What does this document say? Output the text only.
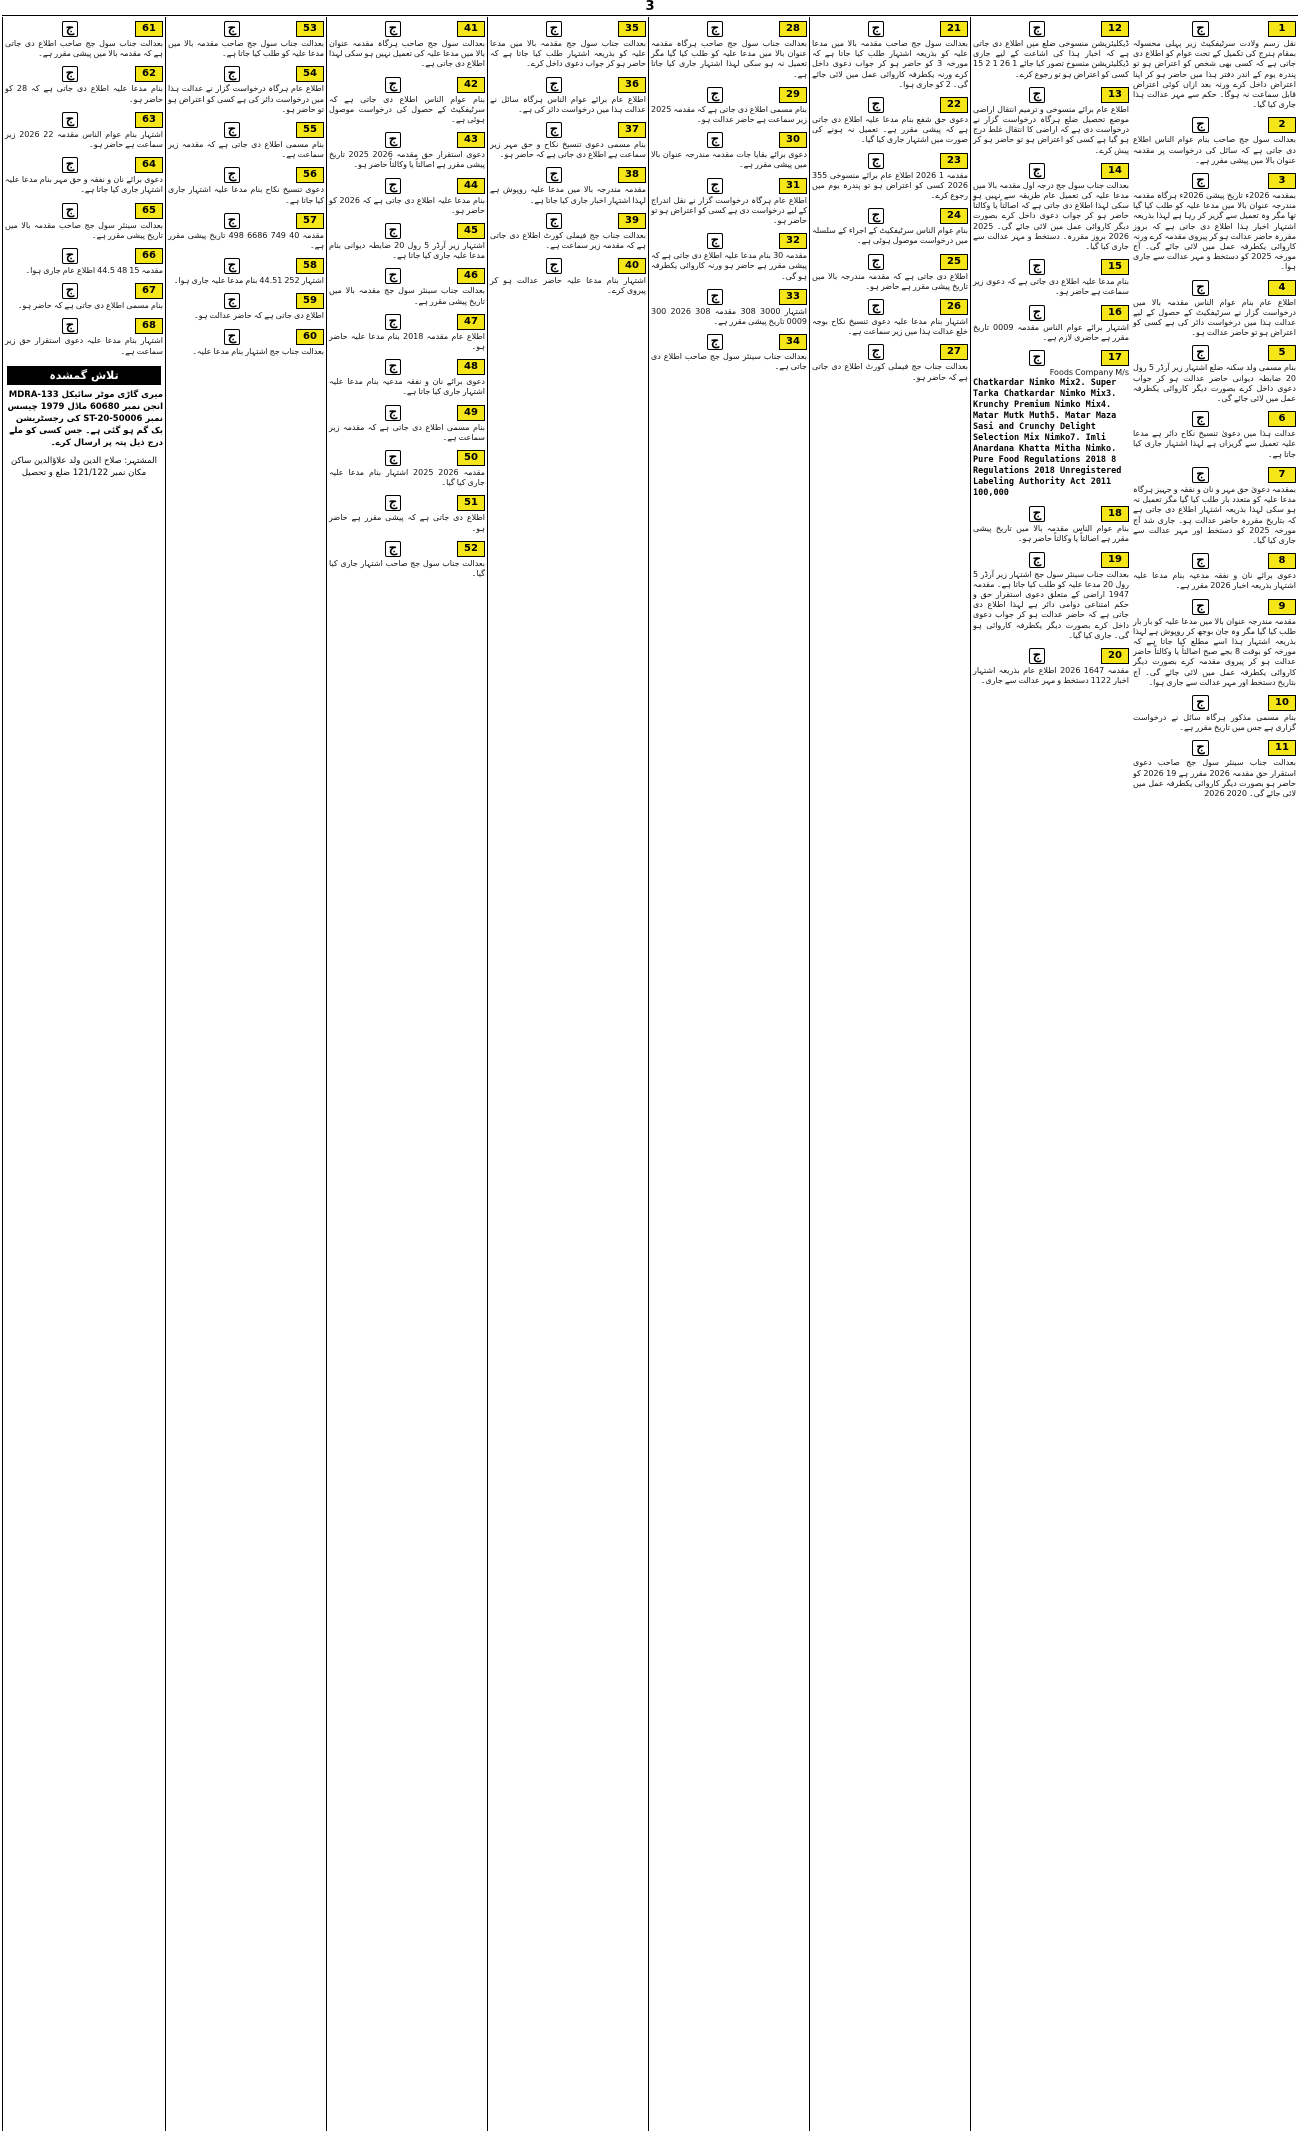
3
1
ج
نقل رسم ولادت سرٹیفکیٹ زیر پہلی محسولہ بمقام ہنرج کی تکمیل کے تحت عوام کو اطلاع دی جاتی ہے کہ کسی بھی شخص کو اعتراض ہو تو پندرہ یوم کے اندر دفتر ہذا میں حاضر ہو کر اپنا اعتراض داخل کرے ورنہ بعد ازاں کوئی اعتراض قابل سماعت نہ ہوگا۔ حکم سے مہر عدالت ہذا جاری کیا گیا۔
2
ج
بعدالت سول جج صاحب بنام عوام الناس اطلاع دی جاتی ہے کہ سائل کی درخواست پر مقدمہ عنوان بالا میں پیشی مقرر ہے۔
3
ج
بمقدمہ 2026ء تاریخ پیشی 2026ء ہرگاہ مقدمہ مندرجہ عنوان بالا میں مدعا علیہ کو طلب کیا گیا تھا مگر وہ تعمیل سے گریز کر رہا ہے لہذا بذریعہ اشتہار اخبار ہذا اطلاع دی جاتی ہے کہ بروز مقررہ حاضر عدالت ہو کر پیروی مقدمہ کرے ورنہ کاروائی یکطرفہ عمل میں لائی جائے گی۔ آج مورخہ 2025 کو دستخط و مہر عدالت سے جاری ہوا۔
4
ج
اطلاع عام بنام عوام الناس مقدمہ بالا میں درخواست گزار نے سرٹیفکیٹ کے حصول کے لیے عدالت ہذا میں درخواست دائر کی ہے کسی کو اعتراض ہو تو حاضر عدالت ہو۔
5
ج
بنام مسمی ولد سکنہ ضلع اشتہار زیر آرڈر 5 رول 20 ضابطہ دیوانی حاضر عدالت ہو کر جواب دعوی داخل کرے بصورت دیگر کاروائی یکطرفہ عمل میں لائی جائے گی۔
6
ج
عدالت ہذا میں دعویٰ تنسیخ نکاح دائر ہے مدعا علیہ تعمیل سے گریزاں ہے لہذا اشتہار جاری کیا جاتا ہے۔
7
ج
بمقدمہ دعویٰ حق مہر و نان و نفقہ و جہیز ہرگاہ مدعا علیہ کو متعدد بار طلب کیا گیا مگر تعمیل نہ ہو سکی لہذا بذریعہ اشتہار اطلاع دی جاتی ہے کہ بتاریخ مقررہ حاضر عدالت ہو۔ جاری شد آج مورخہ 2025 کو دستخط اور مہر عدالت سے جاری کیا گیا۔
8
ج
دعوی برائے نان و نفقہ مدعیہ بنام مدعا علیہ اشتہار بذریعہ اخبار 2026 مقرر ہے۔
9
ج
مقدمہ مندرجہ عنوان بالا میں مدعا علیہ کو بار بار طلب کیا گیا مگر وہ جان بوجھ کر روپوش ہے لہذا بذریعہ اشتہار ہذا اسے مطلع کیا جاتا ہے کہ مورخہ کو بوقت 8 بجے صبح اصالتاً یا وکالتاً حاضر عدالت ہو کر پیروی مقدمہ کرے بصورت دیگر کاروائی یکطرفہ عمل میں لائی جائے گی۔ آج بتاریخ دستخط اور مہر عدالت سے جاری ہوا۔
10
ج
بنام مسمی مذکور ہرگاہ سائل نے درخواست گزاری ہے جس میں تاریخ مقرر ہے۔
11
ج
بعدالت جناب سینئر سول جج صاحب دعوی استقرار حق مقدمہ 2026 مقرر ہے 19 2026 کو حاضر ہو بصورت دیگر کاروائی یکطرفہ عمل میں لائی جائے گی۔ 2020 2026
12
ج
ڈیکلیئریشن منسوخی ضلع میں اطلاع دی جاتی ہے کہ اخبار ہذا کی اشاعت کے لیے جاری ڈیکلیئریشن منسوخ تصور کیا جائے 1 26 1 2 15 کسی کو اعتراض ہو تو رجوع کرے۔
13
ج
اطلاع عام برائے منسوخی و ترمیم انتقال اراضی موضع تحصیل ضلع ہرگاہ درخواست گزار نے درخواست دی ہے کہ اراضی کا انتقال غلط درج ہو گیا ہے کسی کو اعتراض ہو تو حاضر ہو کر پیش کرے۔
14
ج
بعدالت جناب سول جج درجہ اول مقدمہ بالا میں مدعا علیہ کی تعمیل عام طریقہ سے نہیں ہو سکی لہذا اطلاع دی جاتی ہے کہ اصالتاً یا وکالتاً حاضر ہو کر جواب دعوی داخل کرے بصورت دیگر کاروائی عمل میں لائی جائے گی۔ 2025 2026 بروز مقررہ۔ دستخط و مہر عدالت سے جاری کیا گیا۔
15
ج
بنام مدعا علیہ اطلاع دی جاتی ہے کہ دعوی زیر سماعت ہے حاضر ہو۔
16
ج
اشتہار برائے عوام الناس مقدمہ 0009 تاریخ مقرر ہے حاضری لازم ہے۔
17
ج
Foods Company M/s
Chatkardar Nimko Mix2. Super Tarka Chatkardar Nimko Mix3. Krunchy Premium Nimko Mix4. Matar Mutk Muth5. Matar Maza Sasi and Crunchy Delight Selection Mix Nimko7. Imli Anardana Khatta Mitha Nimko. Pure Food Regulations 2018 8 Regulations 2018 Unregistered Labeling Authority Act 2011 100,000
18
ج
بنام عوام الناس مقدمہ بالا میں تاریخ پیشی مقرر ہے اصالتاً یا وکالتاً حاضر ہو۔
19
ج
بعدالت جناب سینئر سول جج اشتہار زیر آرڈر 5 رول 20 مدعا علیہ کو طلب کیا جاتا ہے۔ مقدمہ 1947 اراضی کے متعلق دعوی استقرار حق و حکم امتناعی دوامی دائر ہے لہذا اطلاع دی جاتی ہے کہ حاضر عدالت ہو کر جواب دعوی داخل کرے بصورت دیگر یکطرفہ کاروائی ہو گی۔ جاری کیا گیا۔
20
ج
مقدمہ 1647 2026 اطلاع عام بذریعہ اشتہار اخبار 1122 دستخط و مہر عدالت سے جاری۔
21
ج
بعدالت سول جج صاحب مقدمہ بالا میں مدعا علیہ کو بذریعہ اشتہار طلب کیا جاتا ہے کہ مورخہ 3 کو حاضر ہو کر جواب دعوی داخل کرے ورنہ یکطرفہ کاروائی عمل میں لائی جائے گی۔ 2 کو جاری ہوا۔
22
ج
دعوی حق شفع بنام مدعا علیہ اطلاع دی جاتی ہے کہ پیشی مقرر ہے۔ تعمیل نہ ہونے کی صورت میں اشتہار جاری کیا گیا۔
23
ج
مقدمہ 1 2026 اطلاع عام برائے منسوخی 355 2026 کسی کو اعتراض ہو تو پندرہ یوم میں رجوع کرے۔
24
ج
بنام عوام الناس سرٹیفکیٹ کے اجراء کے سلسلہ میں درخواست موصول ہوئی ہے۔
25
ج
اطلاع دی جاتی ہے کہ مقدمہ مندرجہ بالا میں تاریخ پیشی مقرر ہے حاضر ہو۔
26
ج
اشتہار بنام مدعا علیہ دعوی تنسیخ نکاح بوجہ خلع عدالت ہذا میں زیر سماعت ہے۔
27
ج
بعدالت جناب جج فیملی کورٹ اطلاع دی جاتی ہے کہ حاضر ہو۔
28
ج
بعدالت جناب سول جج صاحب ہرگاہ مقدمہ عنوان بالا میں مدعا علیہ کو طلب کیا گیا مگر تعمیل نہ ہو سکی لہذا اشتہار جاری کیا جاتا ہے۔
29
ج
بنام مسمی اطلاع دی جاتی ہے کہ مقدمہ 2025 زیر سماعت ہے حاضر عدالت ہو۔
30
ج
دعوی برائے بقایا جات مقدمہ مندرجہ عنوان بالا میں پیشی مقرر ہے۔
31
ج
اطلاع عام ہرگاہ درخواست گزار نے نقل اندراج کے لیے درخواست دی ہے کسی کو اعتراض ہو تو حاضر ہو۔
32
ج
مقدمہ 30 بنام مدعا علیہ اطلاع دی جاتی ہے کہ پیشی مقرر ہے حاضر ہو ورنہ کاروائی یکطرفہ ہو گی۔
33
ج
اشتہار 3000 308 مقدمہ 308 2026 300 0009 تاریخ پیشی مقرر ہے۔
34
ج
بعدالت جناب سینئر سول جج صاحب اطلاع دی جاتی ہے۔
35
ج
بعدالت جناب سول جج مقدمہ بالا میں مدعا علیہ کو بذریعہ اشتہار طلب کیا جاتا ہے کہ حاضر ہو کر جواب دعوی داخل کرے۔
36
ج
اطلاع عام برائے عوام الناس ہرگاہ سائل نے عدالت ہذا میں درخواست دائر کی ہے۔
37
ج
بنام مسمی دعوی تنسیخ نکاح و حق مہر زیر سماعت ہے اطلاع دی جاتی ہے کہ حاضر ہو۔
38
ج
مقدمہ مندرجہ بالا میں مدعا علیہ روپوش ہے لہذا اشتہار اخبار جاری کیا جاتا ہے۔
39
ج
بعدالت جناب جج فیملی کورٹ اطلاع دی جاتی ہے کہ مقدمہ زیر سماعت ہے۔
40
ج
اشتہار بنام مدعا علیہ حاضر عدالت ہو کر پیروی کرے۔
41
ج
بعدالت سول جج صاحب ہرگاہ مقدمہ عنوان بالا میں مدعا علیہ کی تعمیل نہیں ہو سکی لہذا اطلاع دی جاتی ہے۔
42
ج
بنام عوام الناس اطلاع دی جاتی ہے کہ سرٹیفکیٹ کے حصول کی درخواست موصول ہوئی ہے۔
43
ج
دعوی استقرار حق مقدمہ 2026 2025 تاریخ پیشی مقرر ہے اصالتاً یا وکالتاً حاضر ہو۔
44
ج
بنام مدعا علیہ اطلاع دی جاتی ہے کہ 2026 کو حاضر ہو۔
45
ج
اشتہار زیر آرڈر 5 رول 20 ضابطہ دیوانی بنام مدعا علیہ جاری کیا جاتا ہے۔
46
ج
بعدالت جناب سینئر سول جج مقدمہ بالا میں تاریخ پیشی مقرر ہے۔
47
ج
اطلاع عام مقدمہ 2018 بنام مدعا علیہ حاضر ہو۔
48
ج
دعوی برائے نان و نفقہ مدعیہ بنام مدعا علیہ اشتہار جاری کیا جاتا ہے۔
49
ج
بنام مسمی اطلاع دی جاتی ہے کہ مقدمہ زیر سماعت ہے۔
50
ج
مقدمہ 2026 2025 اشتہار بنام مدعا علیہ جاری کیا گیا۔
51
ج
اطلاع دی جاتی ہے کہ پیشی مقرر ہے حاضر ہو۔
52
ج
بعدالت جناب سول جج صاحب اشتہار جاری کیا گیا۔
53
ج
بعدالت جناب سول جج صاحب مقدمہ بالا میں مدعا علیہ کو طلب کیا جاتا ہے۔
54
ج
اطلاع عام ہرگاہ درخواست گزار نے عدالت ہذا میں درخواست دائر کی ہے کسی کو اعتراض ہو تو حاضر ہو۔
55
ج
بنام مسمی اطلاع دی جاتی ہے کہ مقدمہ زیر سماعت ہے۔
56
ج
دعوی تنسیخ نکاح بنام مدعا علیہ اشتہار جاری کیا جاتا ہے۔
57
ج
مقدمہ 40 749 6686 498 تاریخ پیشی مقرر ہے۔
58
ج
اشتہار 252 44.51 بنام مدعا علیہ جاری ہوا۔
59
ج
اطلاع دی جاتی ہے کہ حاضر عدالت ہو۔
60
ج
بعدالت جناب جج اشتہار بنام مدعا علیہ۔
61
ج
بعدالت جناب سول جج صاحب اطلاع دی جاتی ہے کہ مقدمہ بالا میں پیشی مقرر ہے۔
62
ج
بنام مدعا علیہ اطلاع دی جاتی ہے کہ 28 کو حاضر ہو۔
63
ج
اشتہار بنام عوام الناس مقدمہ 22 2026 زیر سماعت ہے حاضر ہو۔
64
ج
دعوی برائے نان و نفقہ و حق مہر بنام مدعا علیہ اشتہار جاری کیا جاتا ہے۔
65
ج
بعدالت سینئر سول جج صاحب مقدمہ بالا میں تاریخ پیشی مقرر ہے۔
66
ج
مقدمہ 15 48 44.5 اطلاع عام جاری ہوا۔
67
ج
بنام مسمی اطلاع دی جاتی ہے کہ حاضر ہو۔
68
ج
اشتہار بنام مدعا علیہ دعوی استقرار حق زیر سماعت ہے۔
تلاش گمشدہ
میری گاڑی موٹر سائیکل MDRA-133 انجن نمبر 60680 ماڈل 1979 چیسس نمبر ST-20-50006 کی رجسٹریشن بک گم ہو گئی ہے۔ جس کسی کو ملے درج ذیل پتہ پر ارسال کرے۔
المشتہر: صلاح الدین ولد علاؤالدین ساکن مکان نمبر 121/122 ضلع و تحصیل
